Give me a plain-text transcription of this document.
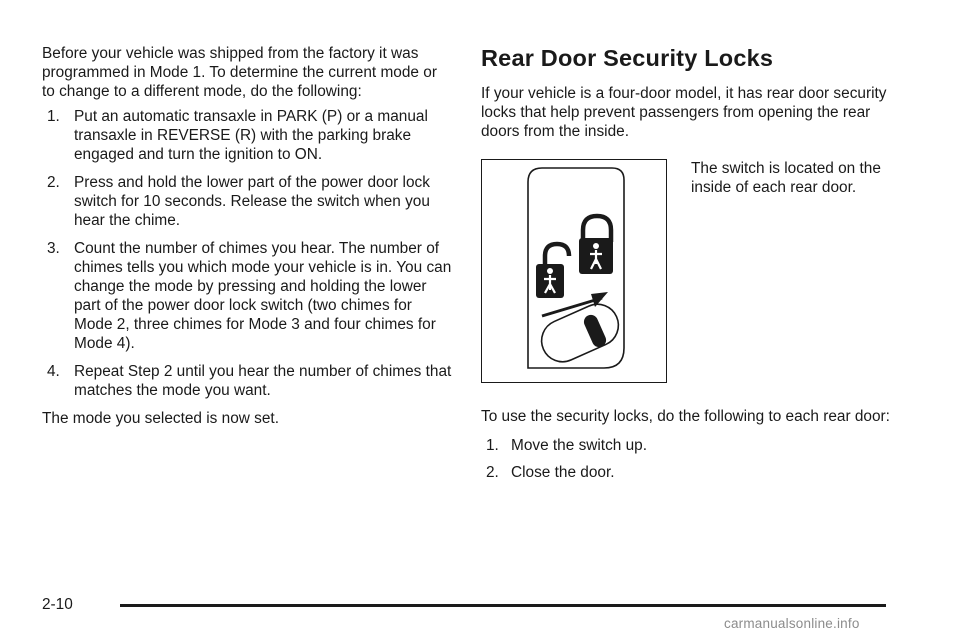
Before your vehicle was shipped from the factory it was programmed in Mode 1. To determine the current mode or to change to a different mode, do the following:

1. Put an automatic transaxle in PARK (P) or a manual transaxle in REVERSE (R) with the parking brake engaged and turn the ignition to ON.
2. Press and hold the lower part of the power door lock switch for 10 seconds. Release the switch when you hear the chime.
3. Count the number of chimes you hear. The number of chimes tells you which mode your vehicle is in. You can change the mode by pressing and holding the lower part of the power door lock switch (two chimes for Mode 2, three chimes for Mode 3 and four chimes for Mode 4).
4. Repeat Step 2 until you hear the number of chimes that matches the mode you want.

The mode you selected is now set.

Rear Door Security Locks

If your vehicle is a four-door model, it has rear door security locks that help prevent passengers from opening the rear doors from the inside.

The switch is located on the inside of each rear door.

To use the security locks, do the following to each rear door:

1. Move the switch up.
2. Close the door.
2-10
carmanualsonline.info
